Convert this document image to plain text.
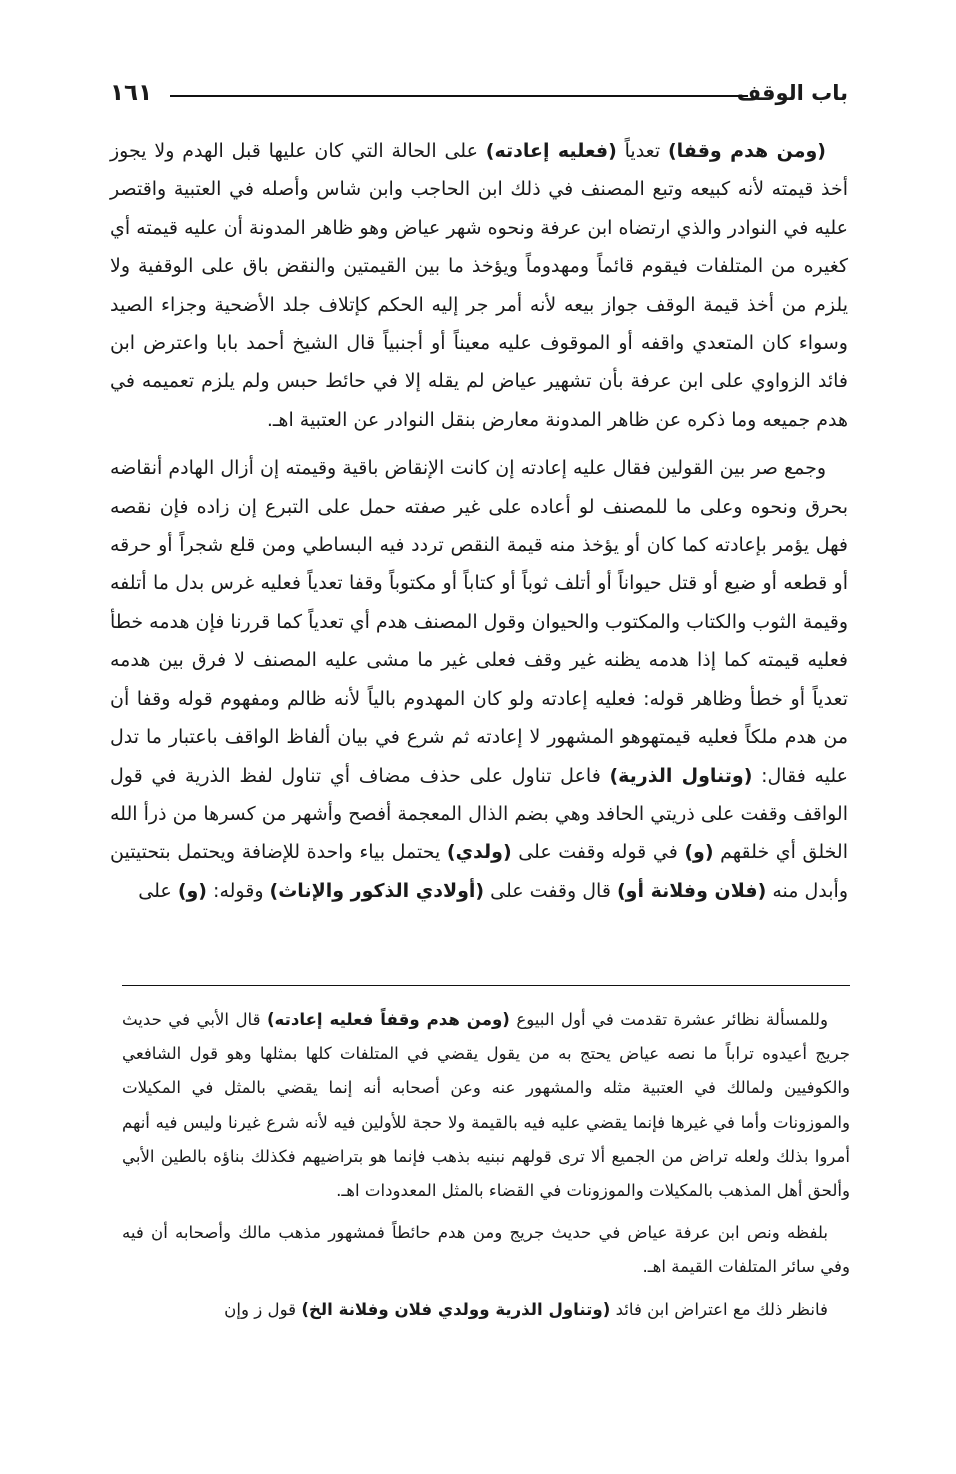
باب الوقف
١٦١

(ومن هدم وقفا) تعدياً (فعليه إعادته) على الحالة التي كان عليها قبل الهدم ولا يجوز أخذ قيمته لأنه كبيعه وتبع المصنف في ذلك ابن الحاجب وابن شاس وأصله في العتبية واقتصر عليه في النوادر والذي ارتضاه ابن عرفة ونحوه شهر عياض وهو ظاهر المدونة أن عليه قيمته أي كغيره من المتلفات فيقوم قائماً ومهدوماً ويؤخذ ما بين القيمتين والنقض باق على الوقفية ولا يلزم من أخذ قيمة الوقف جواز بيعه لأنه أمر جر إليه الحكم كإتلاف جلد الأضحية وجزاء الصيد وسواء كان المتعدي واقفه أو الموقوف عليه معيناً أو أجنبياً قال الشيخ أحمد بابا واعترض ابن فائد الزواوي على ابن عرفة بأن تشهير عياض لم يقله إلا في حائط حبس ولم يلزم تعميمه في هدم جميعه وما ذكره عن ظاهر المدونة معارض بنقل النوادر عن العتبية اهـ.

وجمع صر بين القولين فقال عليه إعادته إن كانت الإنقاض باقية وقيمته إن أزال الهادم أنقاضه بحرق ونحوه وعلى ما للمصنف لو أعاده على غير صفته حمل على التبرع إن زاده فإن نقصه فهل يؤمر بإعادته كما كان أو يؤخذ منه قيمة النقص تردد فيه البساطي ومن قلع شجراً أو حرقه أو قطعه أو ضيع أو قتل حيواناً أو أتلف ثوباً أو كتاباً أو مكتوباً وقفا تعدياً فعليه غرس بدل ما أتلفه وقيمة الثوب والكتاب والمكتوب والحيوان وقول المصنف هدم أي تعدياً كما قررنا فإن هدمه خطأ فعليه قيمته كما إذا هدمه يظنه غير وقف فعلى غير ما مشى عليه المصنف لا فرق بين هدمه تعدياً أو خطأ وظاهر قوله: فعليه إعادته ولو كان المهدوم بالياً لأنه ظالم ومفهوم قوله وقفا أن من هدم ملكاً فعليه قيمتهوهو المشهور لا إعادته ثم شرع في بيان ألفاظ الواقف باعتبار ما تدل عليه فقال: (وتناول الذرية) فاعل تناول على حذف مضاف أي تناول لفظ الذرية في قول الواقف وقفت على ذريتي الحافد وهي بضم الذال المعجمة أفصح وأشهر من كسرها من ذرأ الله الخلق أي خلقهم (و) في قوله وقفت على (ولدي) يحتمل بياء واحدة للإضافة ويحتمل بتحتيتين وأبدل منه (فلان وفلانة أو) قال وقفت على (أولادي الذكور والإناث) وقوله: (و) على

وللمسألة نظائر عشرة تقدمت في أول البيوع (ومن هدم وقفاً فعليه إعادته) قال الأبي في حديث جريج أعيدوه تراباً ما نصه عياض يحتج به من يقول يقضي في المتلفات كلها بمثلها وهو قول الشافعي والكوفيين ولمالك في العتبية مثله والمشهور عنه وعن أصحابه أنه إنما يقضي بالمثل في المكيلات والموزونات وأما في غيرها فإنما يقضي عليه فيه بالقيمة ولا حجة للأولين فيه لأنه شرع غيرنا وليس فيه أنهم أمروا بذلك ولعله تراض من الجميع ألا ترى قولهم نبنيه بذهب فإنما هو بتراضيهم فكذلك بناؤه بالطين الأبي وألحق أهل المذهب بالمكيلات والموزونات في القضاء بالمثل المعدودات اهـ.

بلفظه ونص ابن عرفة عياض في حديث جريج ومن هدم حائطاً فمشهور مذهب مالك وأصحابه أن فيه وفي سائر المتلفات القيمة اهـ.

فانظر ذلك مع اعتراض ابن فائد (وتناول الذرية وولدي فلان وفلانة الخ) قول ز وإن
